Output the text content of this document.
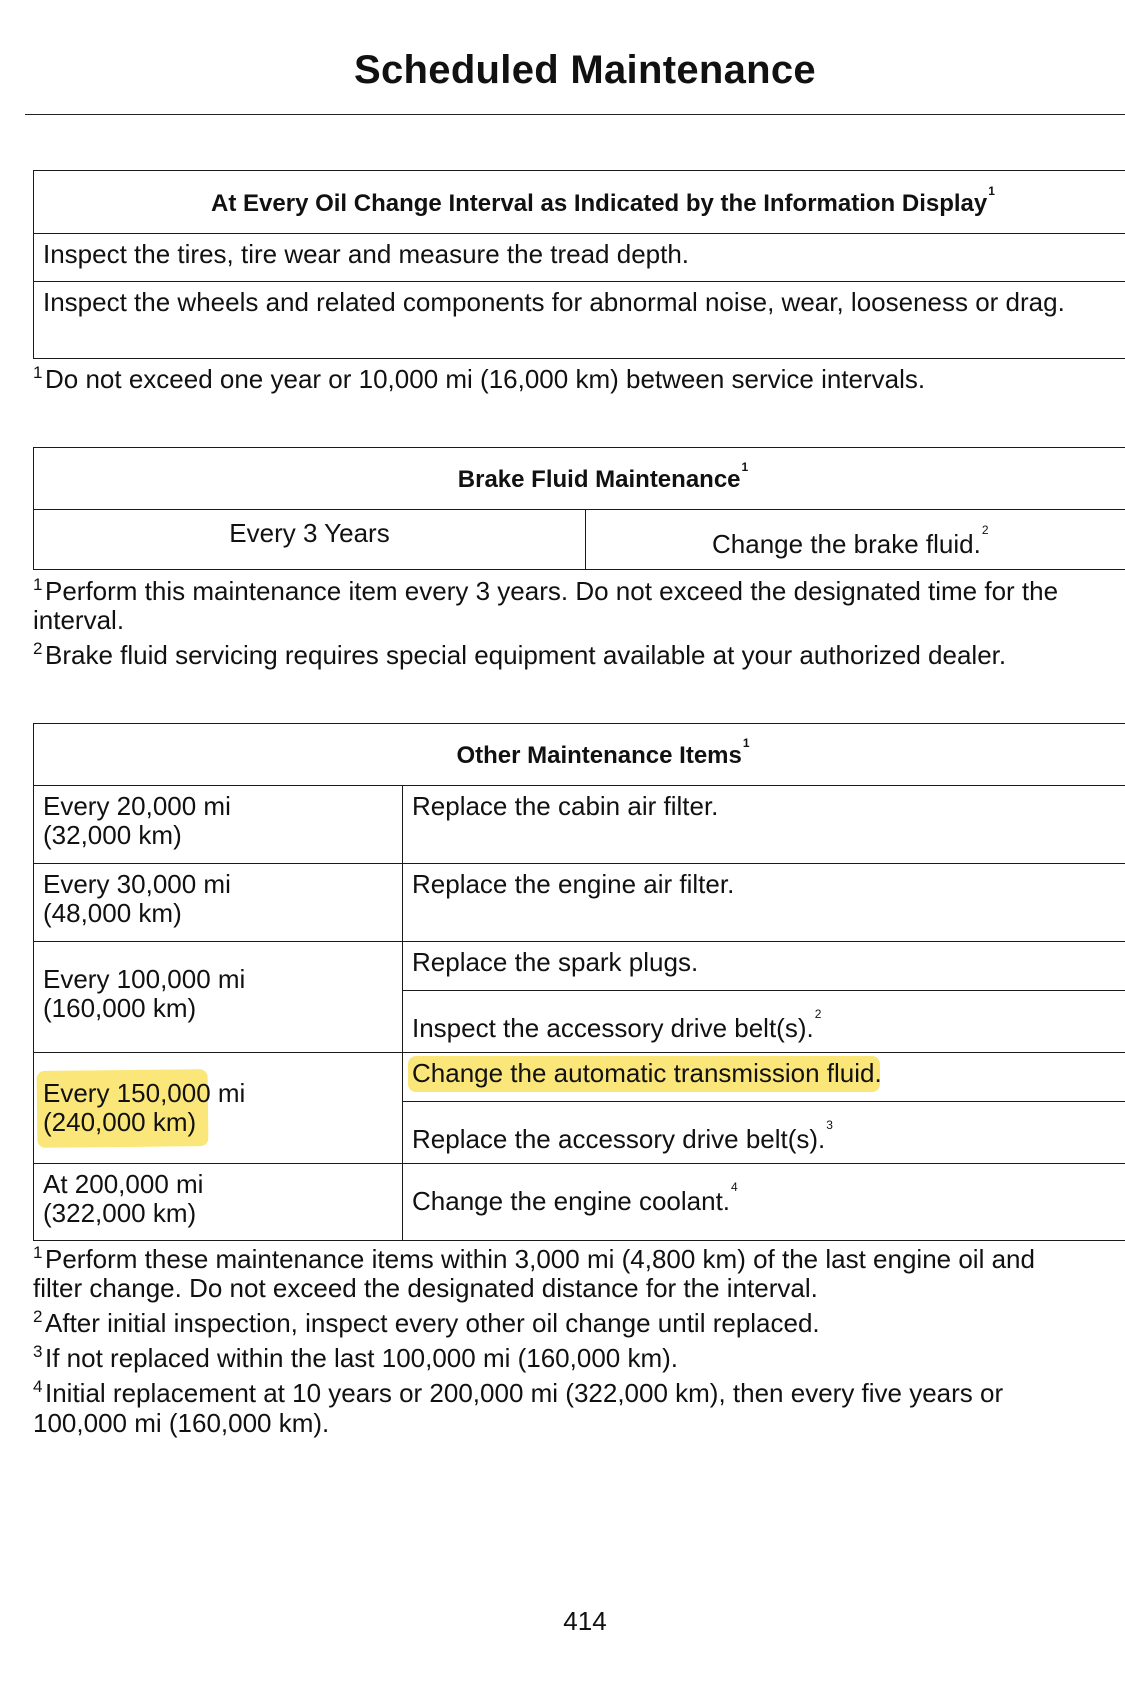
Scheduled Maintenance
At Every Oil Change Interval as Indicated by the Information Display$^1$
Inspect the tires, tire wear and measure the tread depth.
Inspect the wheels and related components for abnormal noise, wear, looseness or drag.

1 Do not exceed one year or 10,000 mi (16,000 km) between service intervals.

Brake Fluid Maintenance$^1$
Every 3 Years	Change the brake fluid.$^2$

1 Perform this maintenance item every 3 years. Do not exceed the designated time for the
interval.

2 Brake fluid servicing requires special equipment available at your authorized dealer.

Other Maintenance Items$^1$
Every 20,000 mi
(32,000 km)	Replace the cabin air filter.
Every 30,000 mi
(48,000 km)	Replace the engine air filter.
Every 100,000 mi
(160,000 km)	Replace the spark plugs.
	Inspect the accessory drive belt(s).$^2$
Every 150,000 mi
(240,000 km)	Change the automatic transmission fluid.
	Replace the accessory drive belt(s).$^3$
At 200,000 mi
(322,000 km)	Change the engine coolant.$^4$

1 Perform these maintenance items within 3,000 mi (4,800 km) of the last engine oil and
filter change. Do not exceed the designated distance for the interval.

2 After initial inspection, inspect every other oil change until replaced.

3 If not replaced within the last 100,000 mi (160,000 km).

4 Initial replacement at 10 years or 200,000 mi (322,000 km), then every five years or
100,000 mi (160,000 km).

414
